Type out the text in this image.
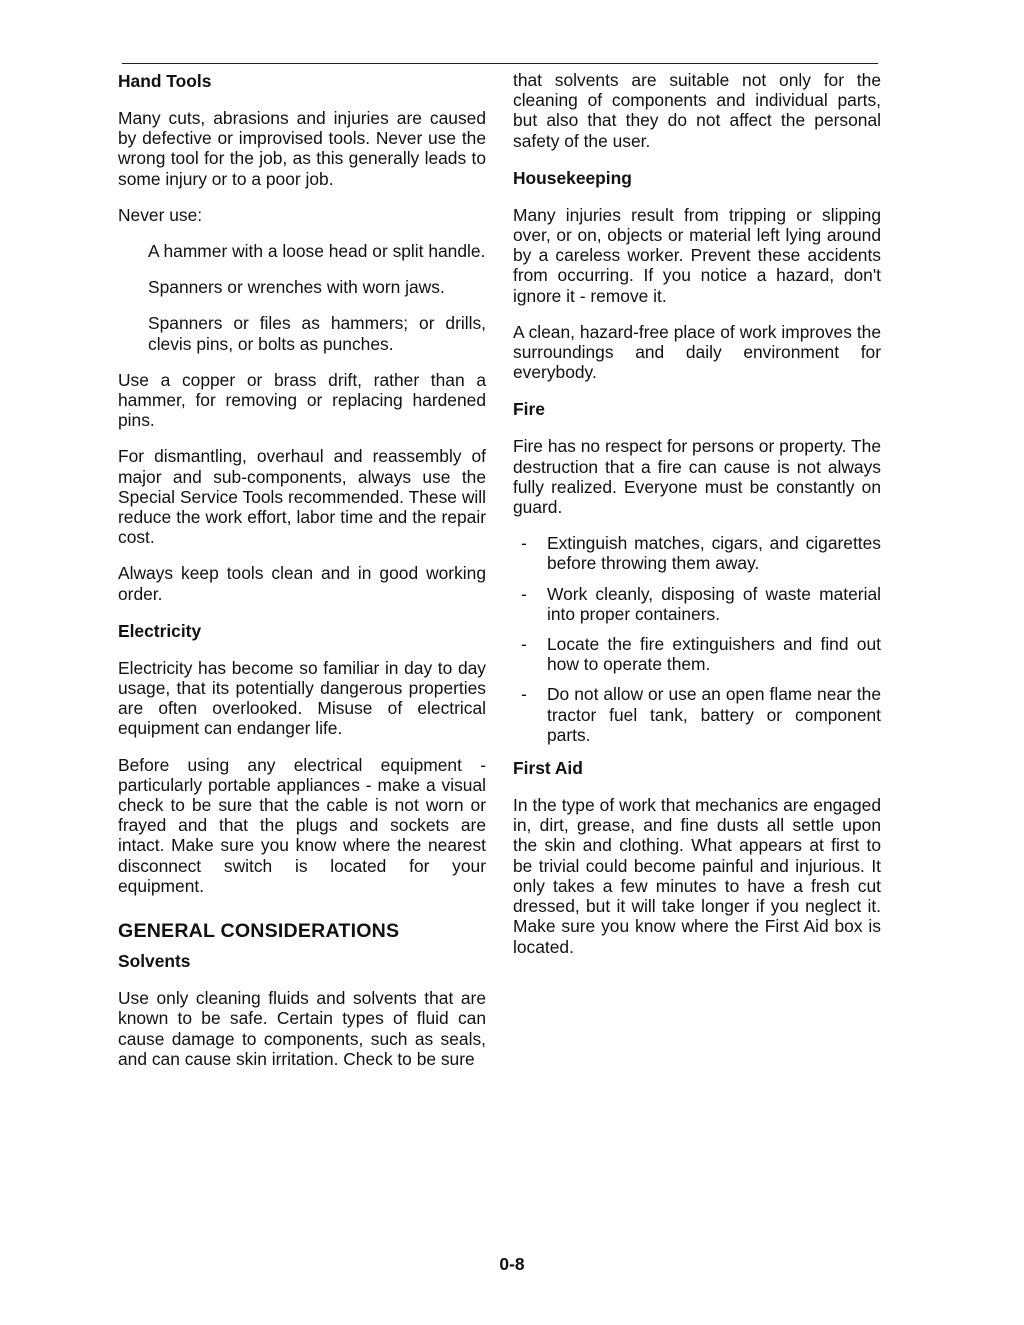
Hand Tools

Many cuts, abrasions and injuries are caused by defective or improvised tools. Never use the wrong tool for the job, as this generally leads to some injury or to a poor job.

Never use:

A hammer with a loose head or split handle.

Spanners or wrenches with worn jaws.

Spanners or files as hammers; or drills, clevis pins, or bolts as punches.

Use a copper or brass drift, rather than a hammer, for removing or replacing hardened pins.

For dismantling, overhaul and reassembly of major and sub-components, always use the Special Service Tools recommended. These will reduce the work effort, labor time and the repair cost.

Always keep tools clean and in good working order.

Electricity

Electricity has become so familiar in day to day usage, that its potentially dangerous properties are often overlooked. Misuse of electrical equipment can endanger life.

Before using any electrical equipment - particularly portable appliances - make a visual check to be sure that the cable is not worn or frayed and that the plugs and sockets are intact. Make sure you know where the nearest disconnect switch is located for your equipment.

GENERAL CONSIDERATIONS
Solvents

Use only cleaning fluids and solvents that are known to be safe. Certain types of fluid can cause damage to components, such as seals, and can cause skin irritation. Check to be sure

that solvents are suitable not only for the cleaning of components and individual parts, but also that they do not affect the personal safety of the user.

Housekeeping

Many injuries result from tripping or slipping over, or on, objects or material left lying around by a careless worker. Prevent these accidents from occurring. If you notice a hazard, don't ignore it - remove it.

A clean, hazard-free place of work improves the surroundings and daily environment for everybody.

Fire

Fire has no respect for persons or property. The destruction that a fire can cause is not always fully realized. Everyone must be constantly on guard.

- Extinguish matches, cigars, and cigarettes before throwing them away.
- Work cleanly, disposing of waste material into proper containers.
- Locate the fire extinguishers and find out how to operate them.
- Do not allow or use an open flame near the tractor fuel tank, battery or component parts.
First Aid

In the type of work that mechanics are engaged in, dirt, grease, and fine dusts all settle upon the skin and clothing. What appears at first to be trivial could become painful and injurious. It only takes a few minutes to have a fresh cut dressed, but it will take longer if you neglect it. Make sure you know where the First Aid box is located.

0-8
